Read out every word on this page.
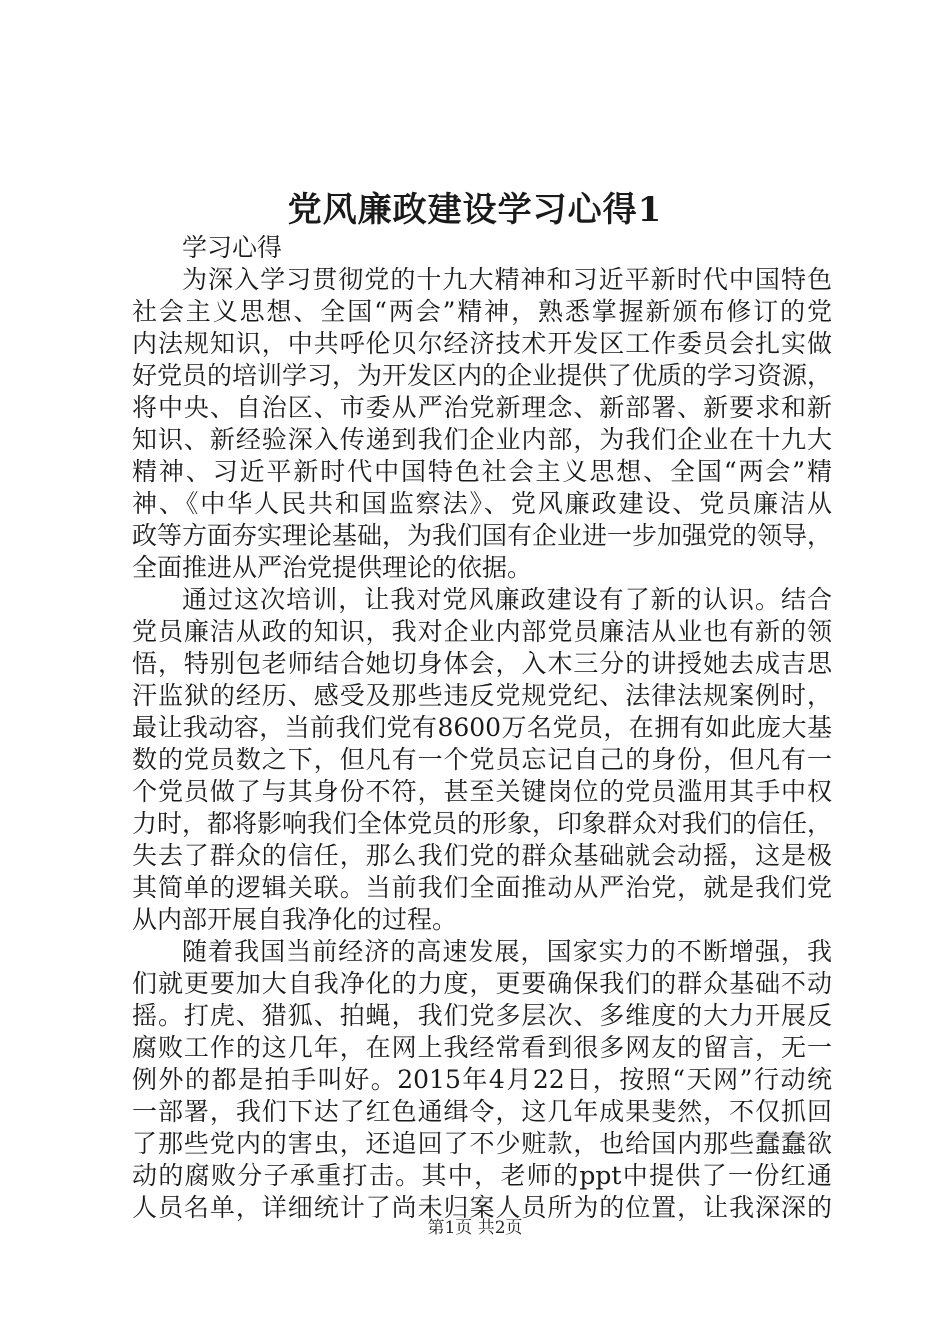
党风廉政建设学习心得1
学习心得
为深入学习贯彻党的十九大精神和习近平新时代中国特色
社会主义思想、全国“两会”精神，熟悉掌握新颁布修订的党
内法规知识，中共呼伦贝尔经济技术开发区工作委员会扎实做
好党员的培训学习，为开发区内的企业提供了优质的学习资源，
将中央、自治区、市委从严治党新理念、新部署、新要求和新
知识、新经验深入传递到我们企业内部，为我们企业在十九大
精神、习近平新时代中国特色社会主义思想、全国“两会”精
神、《中华人民共和国监察法》、党风廉政建设、党员廉洁从
政等方面夯实理论基础，为我们国有企业进一步加强党的领导，
全面推进从严治党提供理论的依据。
通过这次培训，让我对党风廉政建设有了新的认识。结合
党员廉洁从政的知识，我对企业内部党员廉洁从业也有新的领
悟，特别包老师结合她切身体会，入木三分的讲授她去成吉思
汗监狱的经历、感受及那些违反党规党纪、法律法规案例时，
最让我动容，当前我们党有8600万名党员，在拥有如此庞大基
数的党员数之下，但凡有一个党员忘记自己的身份，但凡有一
个党员做了与其身份不符，甚至关键岗位的党员滥用其手中权
力时，都将影响我们全体党员的形象，印象群众对我们的信任，
失去了群众的信任，那么我们党的群众基础就会动摇，这是极
其简单的逻辑关联。当前我们全面推动从严治党，就是我们党
从内部开展自我净化的过程。
随着我国当前经济的高速发展，国家实力的不断增强，我
们就更要加大自我净化的力度，更要确保我们的群众基础不动
摇。打虎、猎狐、拍蝇，我们党多层次、多维度的大力开展反
腐败工作的这几年，在网上我经常看到很多网友的留言，无一
例外的都是拍手叫好。2015年4月22日，按照“天网”行动统
一部署，我们下达了红色通缉令，这几年成果斐然，不仅抓回
了那些党内的害虫，还追回了不少赃款，也给国内那些蠢蠢欲
动的腐败分子承重打击。其中，老师的ppt中提供了一份红通
人员名单，详细统计了尚未归案人员所为的位置，让我深深的
第1页 共2页
